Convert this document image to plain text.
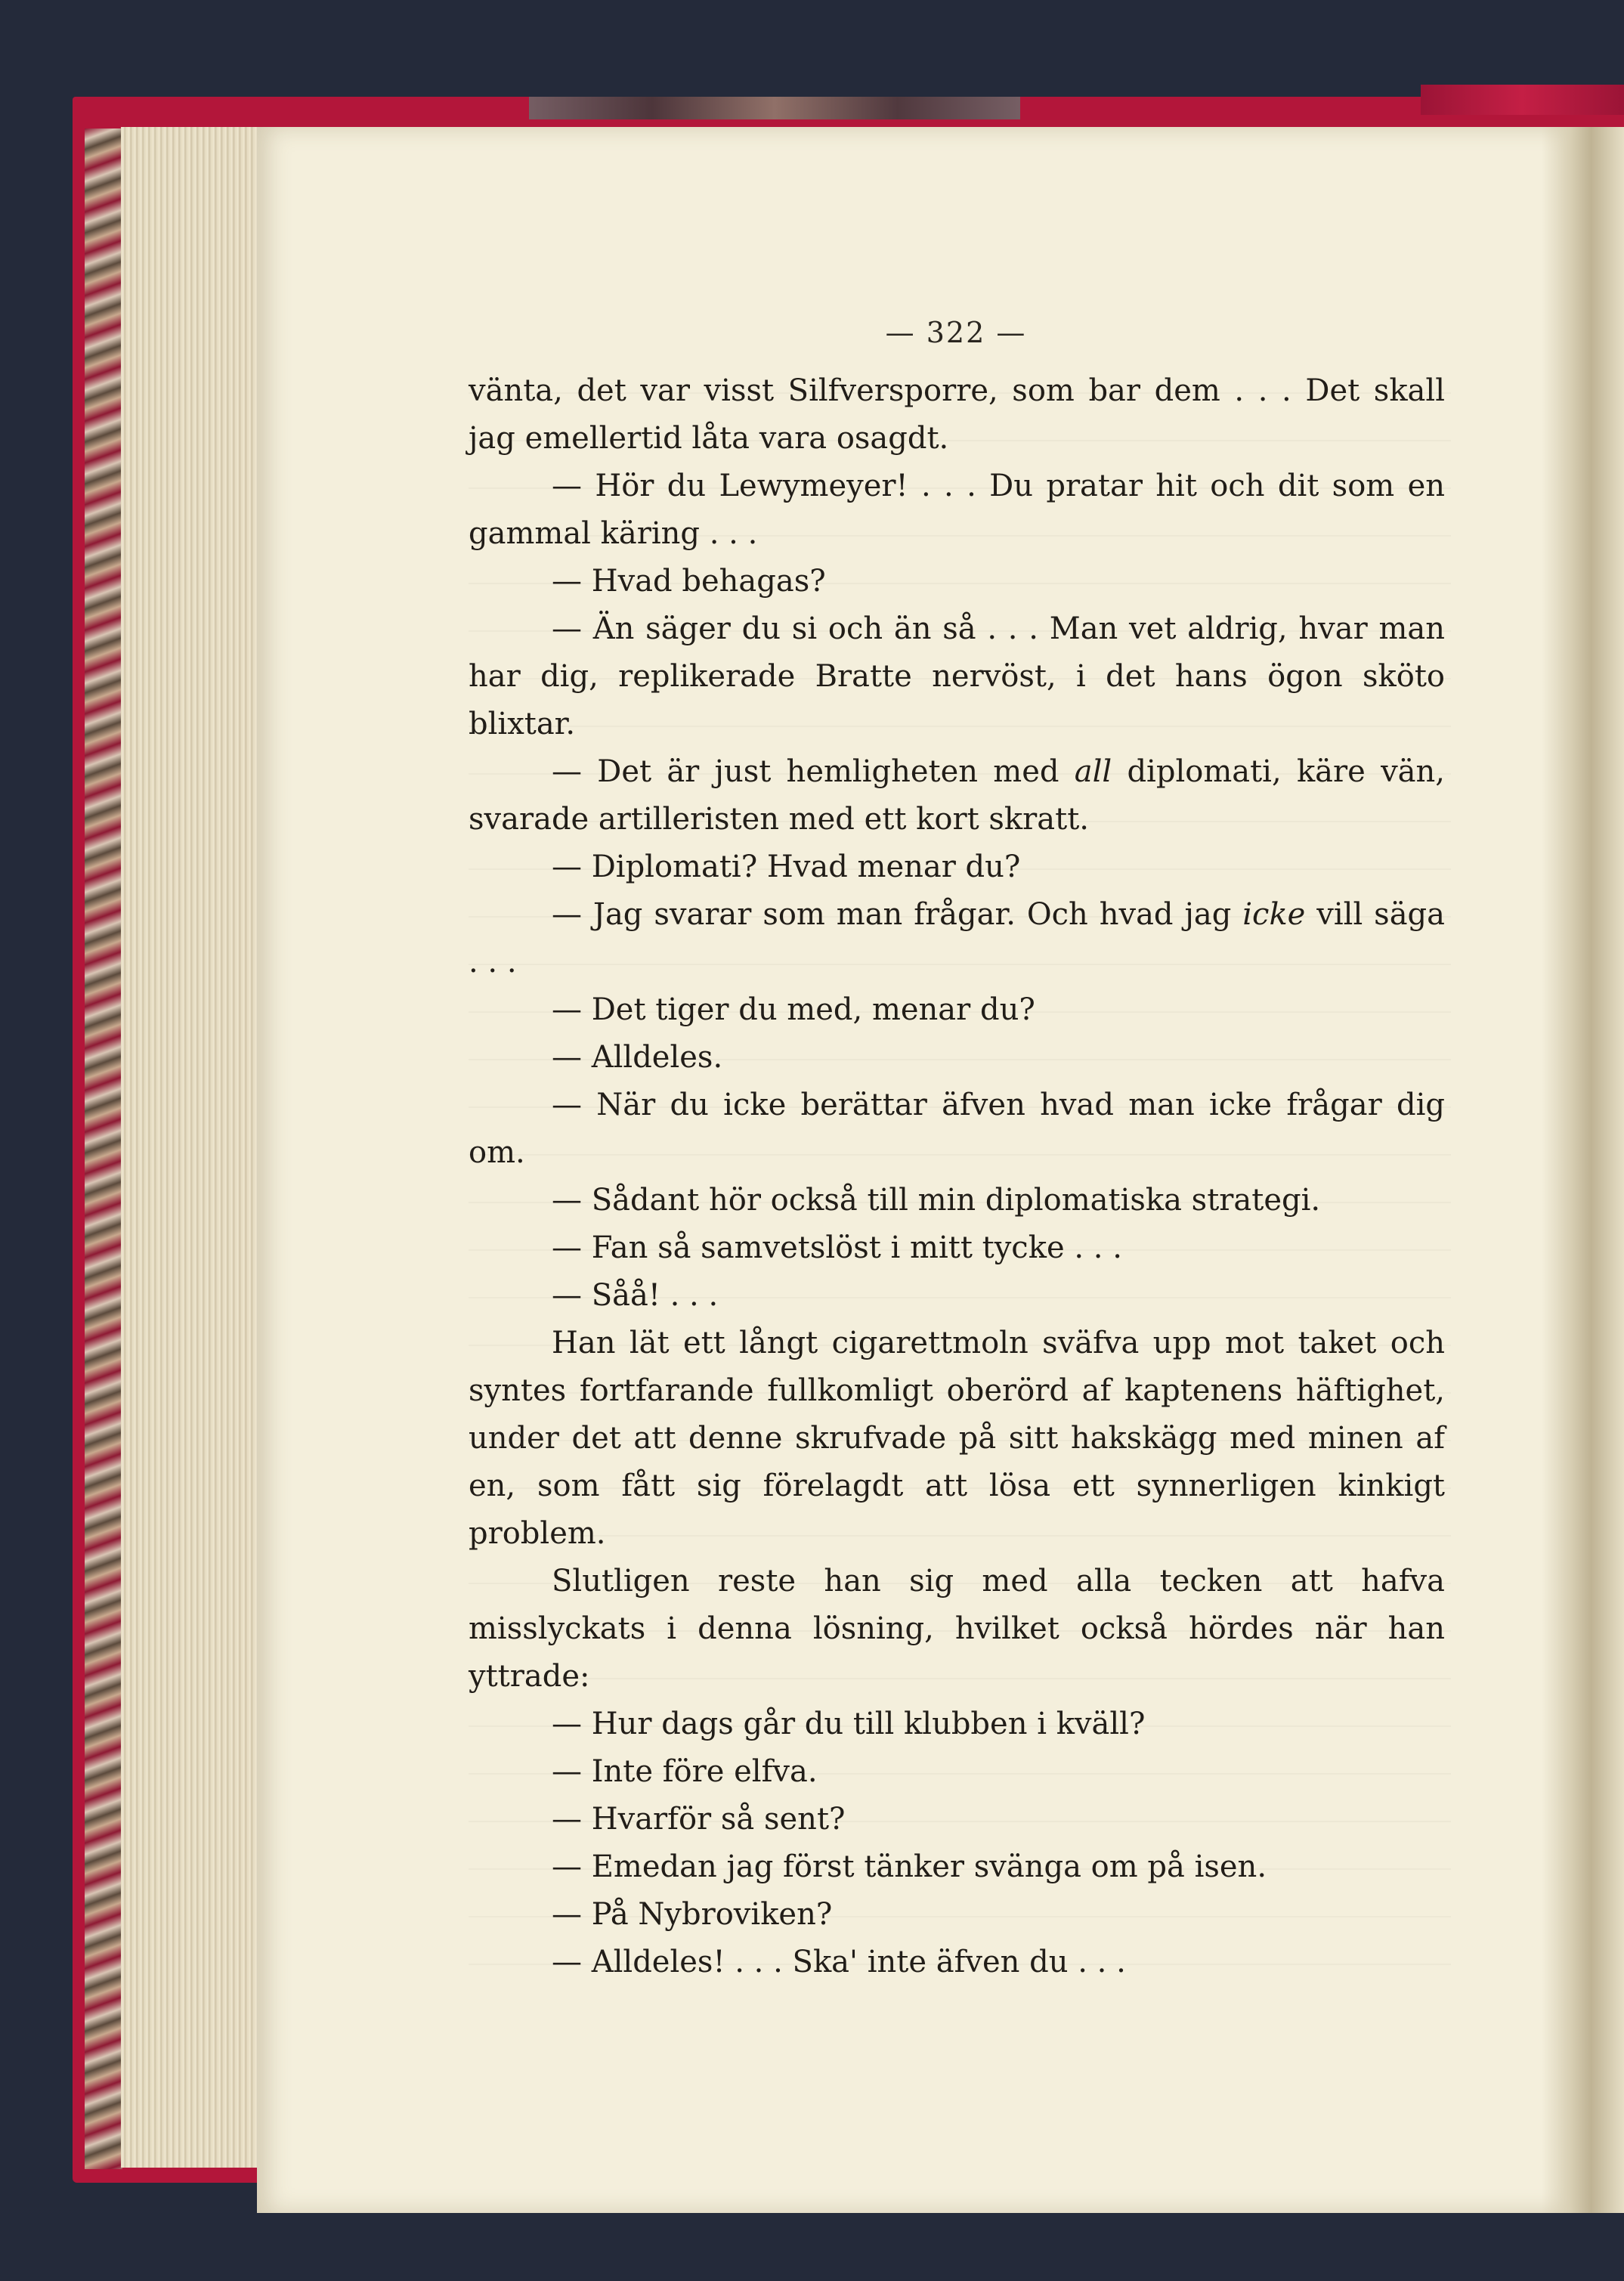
— 322 —

vänta, det var visst Silfversporre, som bar dem . . . Det skall jag emellertid låta vara osagdt.

— Hör du Lewymeyer! . . . Du pratar hit och dit som en gammal käring . . .

— Hvad behagas?

— Än säger du si och än så . . . Man vet aldrig, hvar man har dig, replikerade Bratte nervöst, i det hans ögon sköto blixtar.

— Det är just hemligheten med all diplomati, käre vän, svarade artilleristen med ett kort skratt.

— Diplomati? Hvad menar du?

— Jag svarar som man frågar. Och hvad jag icke vill säga . . .

— Det tiger du med, menar du?

— Alldeles.

— När du icke berättar äfven hvad man icke frågar dig om.

— Sådant hör också till min diplomatiska strategi.

— Fan så samvetslöst i mitt tycke . . .

— Såå! . . .

Han lät ett långt cigarettmoln sväfva upp mot taket och syntes fortfarande fullkomligt oberörd af kaptenens häftighet, under det att denne skrufvade på sitt hakskägg med minen af en, som fått sig förelagdt att lösa ett synnerligen kinkigt problem.

Slutligen reste han sig med alla tecken att hafva misslyckats i denna lösning, hvilket också hördes när han yttrade:

— Hur dags går du till klubben i kväll?

— Inte före elfva.

— Hvarför så sent?

— Emedan jag först tänker svänga om på isen.

— På Nybroviken?

— Alldeles! . . . Ska' inte äfven du . . .
